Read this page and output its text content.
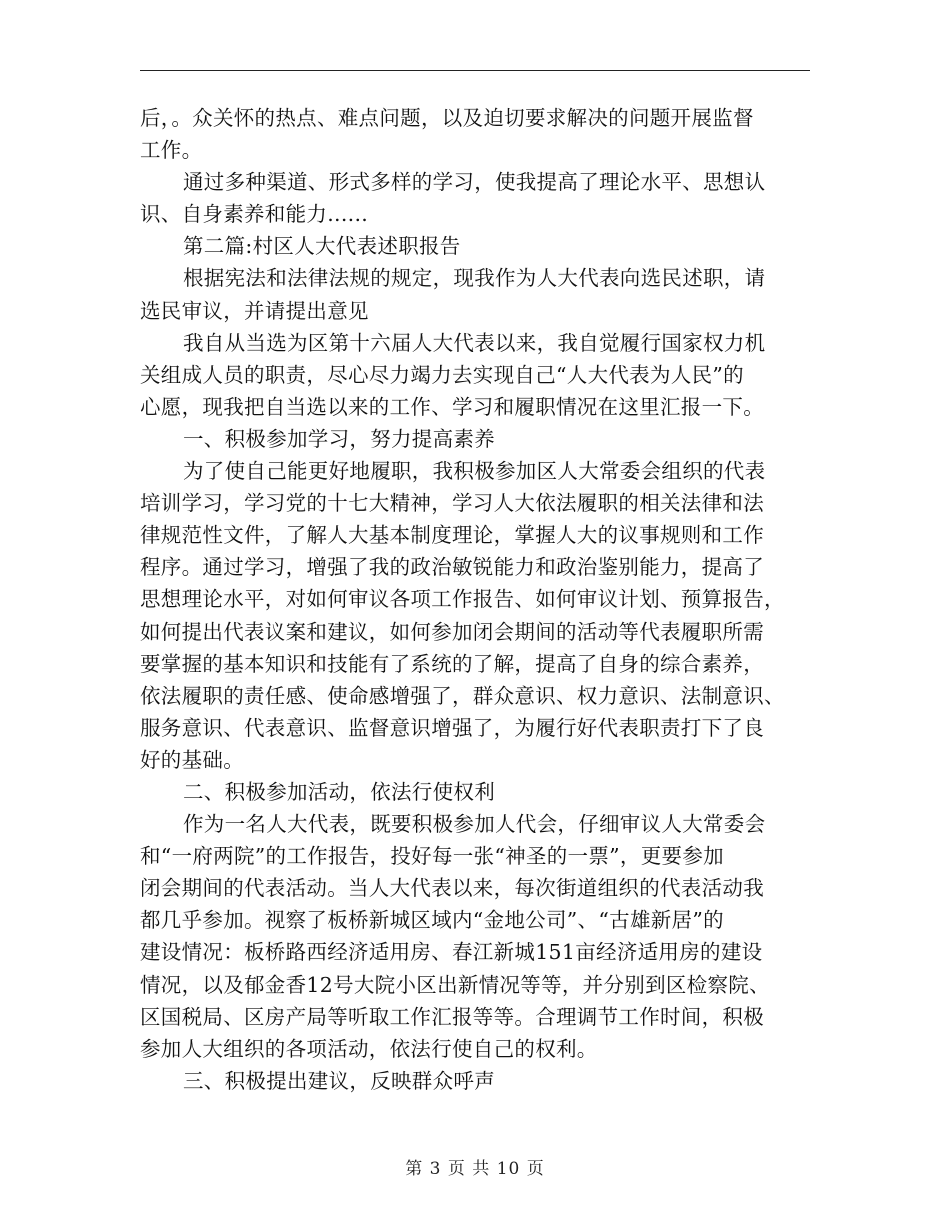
后，。众关怀的热点、难点问题，以及迫切要求解决的问题开展监督
工作。
通过多种渠道、形式多样的学习，使我提高了理论水平、思想认
识、自身素养和能力......
第二篇:村区人大代表述职报告
根据宪法和法律法规的规定，现我作为人大代表向选民述职，请
选民审议，并请提出意见
我自从当选为区第十六届人大代表以来，我自觉履行国家权力机
关组成人员的职责，尽心尽力竭力去实现自己“人大代表为人民”的
心愿，现我把自当选以来的工作、学习和履职情况在这里汇报一下。
一、积极参加学习，努力提高素养
为了使自己能更好地履职，我积极参加区人大常委会组织的代表
培训学习，学习党的十七大精神，学习人大依法履职的相关法律和法
律规范性文件，了解人大基本制度理论，掌握人大的议事规则和工作
程序。通过学习，增强了我的政治敏锐能力和政治鉴别能力，提高了
思想理论水平，对如何审议各项工作报告、如何审议计划、预算报告，
如何提出代表议案和建议，如何参加闭会期间的活动等代表履职所需
要掌握的基本知识和技能有了系统的了解，提高了自身的综合素养，
依法履职的责任感、使命感增强了，群众意识、权力意识、法制意识、
服务意识、代表意识、监督意识增强了，为履行好代表职责打下了良
好的基础。
二、积极参加活动，依法行使权利
作为一名人大代表，既要积极参加人代会，仔细审议人大常委会
和“一府两院”的工作报告，投好每一张“神圣的一票”，更要参加
闭会期间的代表活动。当人大代表以来，每次街道组织的代表活动我
都几乎参加。视察了板桥新城区域内“金地公司”、“古雄新居”的
建设情况：板桥路西经济适用房、春江新城151亩经济适用房的建设
情况，以及郁金香12号大院小区出新情况等等，并分别到区检察院、
区国税局、区房产局等听取工作汇报等等。合理调节工作时间，积极
参加人大组织的各项活动，依法行使自己的权利。
三、积极提出建议，反映群众呼声
第 3 页 共 10 页
